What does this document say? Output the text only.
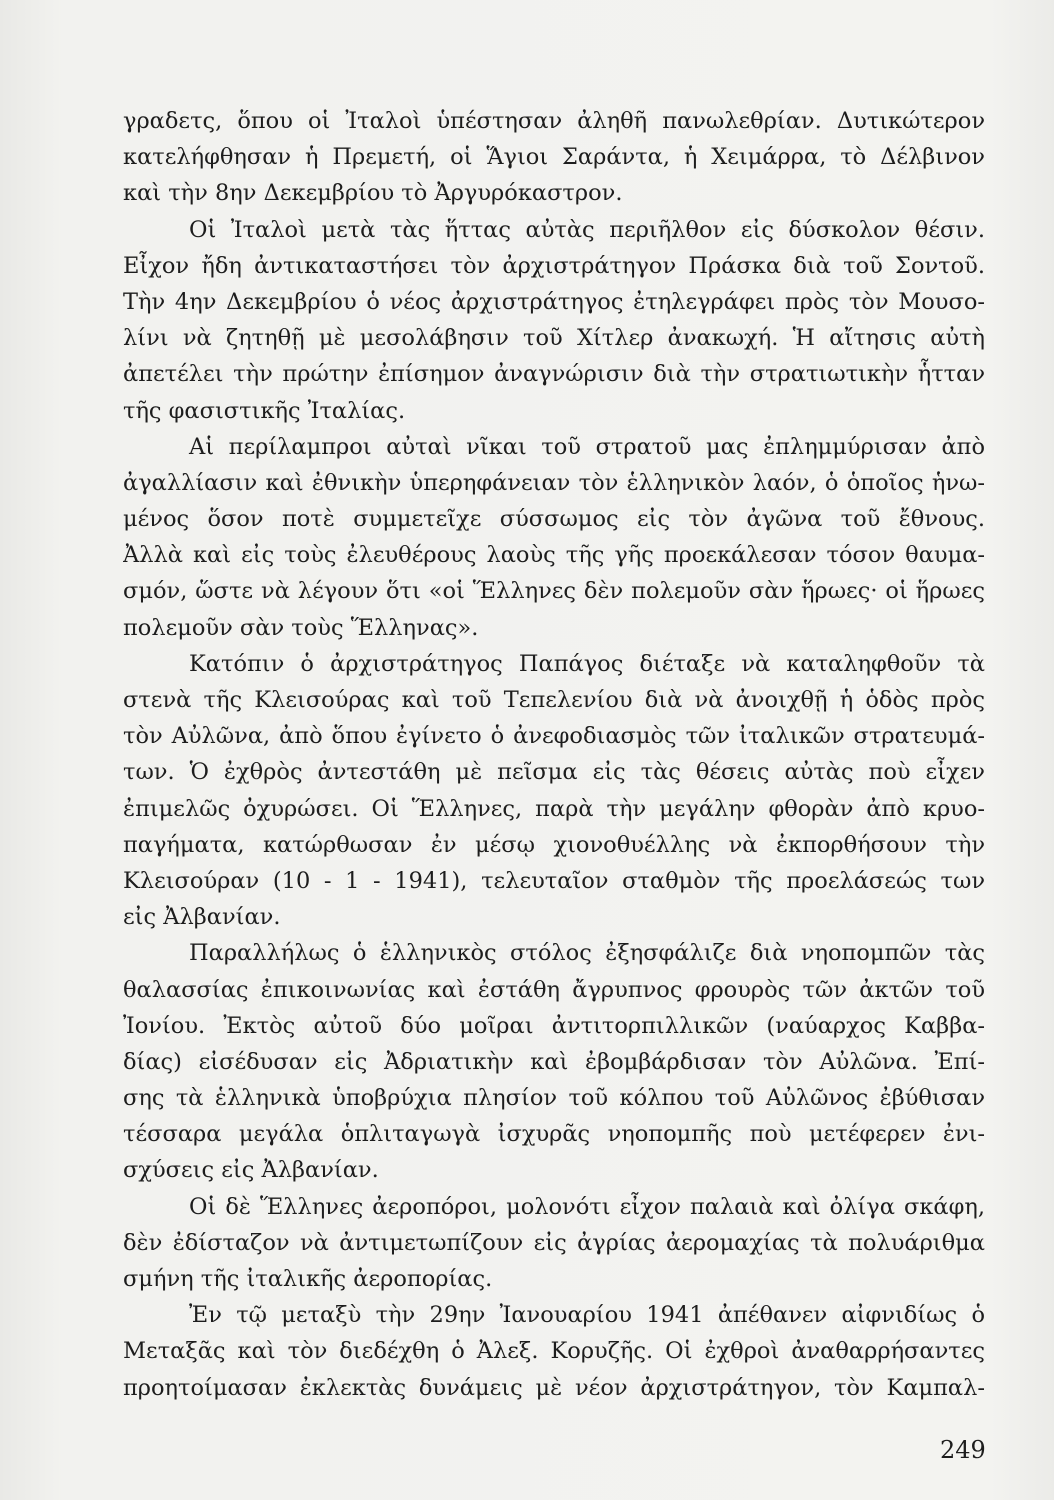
γραδετς, ὅπου οἱ Ἰταλοὶ ὑπέστησαν ἀληθῆ πανωλεθρίαν. Δυτικώτερον
κατελήφθησαν ἡ Πρεμετή, οἱ Ἅγιοι Σαράντα, ἡ Χειμάρρα, τὸ Δέλβινον
καὶ τὴν 8ην Δεκεμβρίου τὸ Ἀργυρόκαστρον.
Οἱ Ἰταλοὶ μετὰ τὰς ἥττας αὐτὰς περιῆλθον εἰς δύσκολον θέσιν.
Εἶχον ἤδη ἀντικαταστήσει τὸν ἀρχιστράτηγον Πράσκα διὰ τοῦ Σοντοῦ.
Τὴν 4ην Δεκεμβρίου ὁ νέος ἀρχιστράτηγος ἐτηλεγράφει πρὸς τὸν Μουσο-
λίνι νὰ ζητηθῇ μὲ μεσολάβησιν τοῦ Χίτλερ ἀνακωχή. Ἡ αἴτησις αὐτὴ
ἀπετέλει τὴν πρώτην ἐπίσημον ἀναγνώρισιν διὰ τὴν στρατιωτικὴν ἧτταν
τῆς φασιστικῆς Ἰταλίας.
Αἱ περίλαμπροι αὐταὶ νῖκαι τοῦ στρατοῦ μας ἐπλημμύρισαν ἀπὸ
ἀγαλλίασιν καὶ ἐθνικὴν ὑπερηφάνειαν τὸν ἑλληνικὸν λαόν, ὁ ὁποῖος ἡνω-
μένος ὅσον ποτὲ συμμετεῖχε σύσσωμος εἰς τὸν ἀγῶνα τοῦ ἔθνους.
Ἀλλὰ καὶ εἰς τοὺς ἐλευθέρους λαοὺς τῆς γῆς προεκάλεσαν τόσον θαυμα-
σμόν, ὥστε νὰ λέγουν ὅτι «οἱ Ἕλληνες δὲν πολεμοῦν σὰν ἥρωες· οἱ ἥρωες
πολεμοῦν σὰν τοὺς Ἕλληνας».
Κατόπιν ὁ ἀρχιστράτηγος Παπάγος διέταξε νὰ καταληφθοῦν τὰ
στενὰ τῆς Κλεισούρας καὶ τοῦ Τεπελενίου διὰ νὰ ἀνοιχθῇ ἡ ὁδὸς πρὸς
τὸν Αὐλῶνα, ἀπὸ ὅπου ἐγίνετο ὁ ἀνεφοδιασμὸς τῶν ἰταλικῶν στρατευμά-
των. Ὁ ἐχθρὸς ἀντεστάθη μὲ πεῖσμα εἰς τὰς θέσεις αὐτὰς ποὺ εἶχεν
ἐπιμελῶς ὀχυρώσει. Οἱ Ἕλληνες, παρὰ τὴν μεγάλην φθορὰν ἀπὸ κρυο-
παγήματα, κατώρθωσαν ἐν μέσῳ χιονοθυέλλης νὰ ἐκπορθήσουν τὴν
Κλεισούραν (10 - 1 - 1941), τελευταῖον σταθμὸν τῆς προελάσεώς των
εἰς Ἀλβανίαν.
Παραλλήλως ὁ ἑλληνικὸς στόλος ἐξησφάλιζε διὰ νηοπομπῶν τὰς
θαλασσίας ἐπικοινωνίας καὶ ἐστάθη ἄγρυπνος φρουρὸς τῶν ἀκτῶν τοῦ
Ἰονίου. Ἐκτὸς αὐτοῦ δύο μοῖραι ἀντιτορπιλλικῶν (ναύαρχος Καββα-
δίας) εἰσέδυσαν εἰς Ἀδριατικὴν καὶ ἐβομβάρδισαν τὸν Αὐλῶνα. Ἐπί-
σης τὰ ἑλληνικὰ ὑποβρύχια πλησίον τοῦ κόλπου τοῦ Αὐλῶνος ἐβύθισαν
τέσσαρα μεγάλα ὁπλιταγωγὰ ἰσχυρᾶς νηοπομπῆς ποὺ μετέφερεν ἐνι-
σχύσεις εἰς Ἀλβανίαν.
Οἱ δὲ Ἕλληνες ἀεροπόροι, μολονότι εἶχον παλαιὰ καὶ ὀλίγα σκάφη,
δὲν ἐδίσταζον νὰ ἀντιμετωπίζουν εἰς ἀγρίας ἀερομαχίας τὰ πολυάριθμα
σμήνη τῆς ἰταλικῆς ἀεροπορίας.
Ἐν τῷ μεταξὺ τὴν 29ην Ἰανουαρίου 1941 ἀπέθανεν αἰφνιδίως ὁ
Μεταξᾶς καὶ τὸν διεδέχθη ὁ Ἀλεξ. Κορυζῆς. Οἱ ἐχθροὶ ἀναθαρρήσαντες
προητοίμασαν ἐκλεκτὰς δυνάμεις μὲ νέον ἀρχιστράτηγον, τὸν Καμπαλ-
249
